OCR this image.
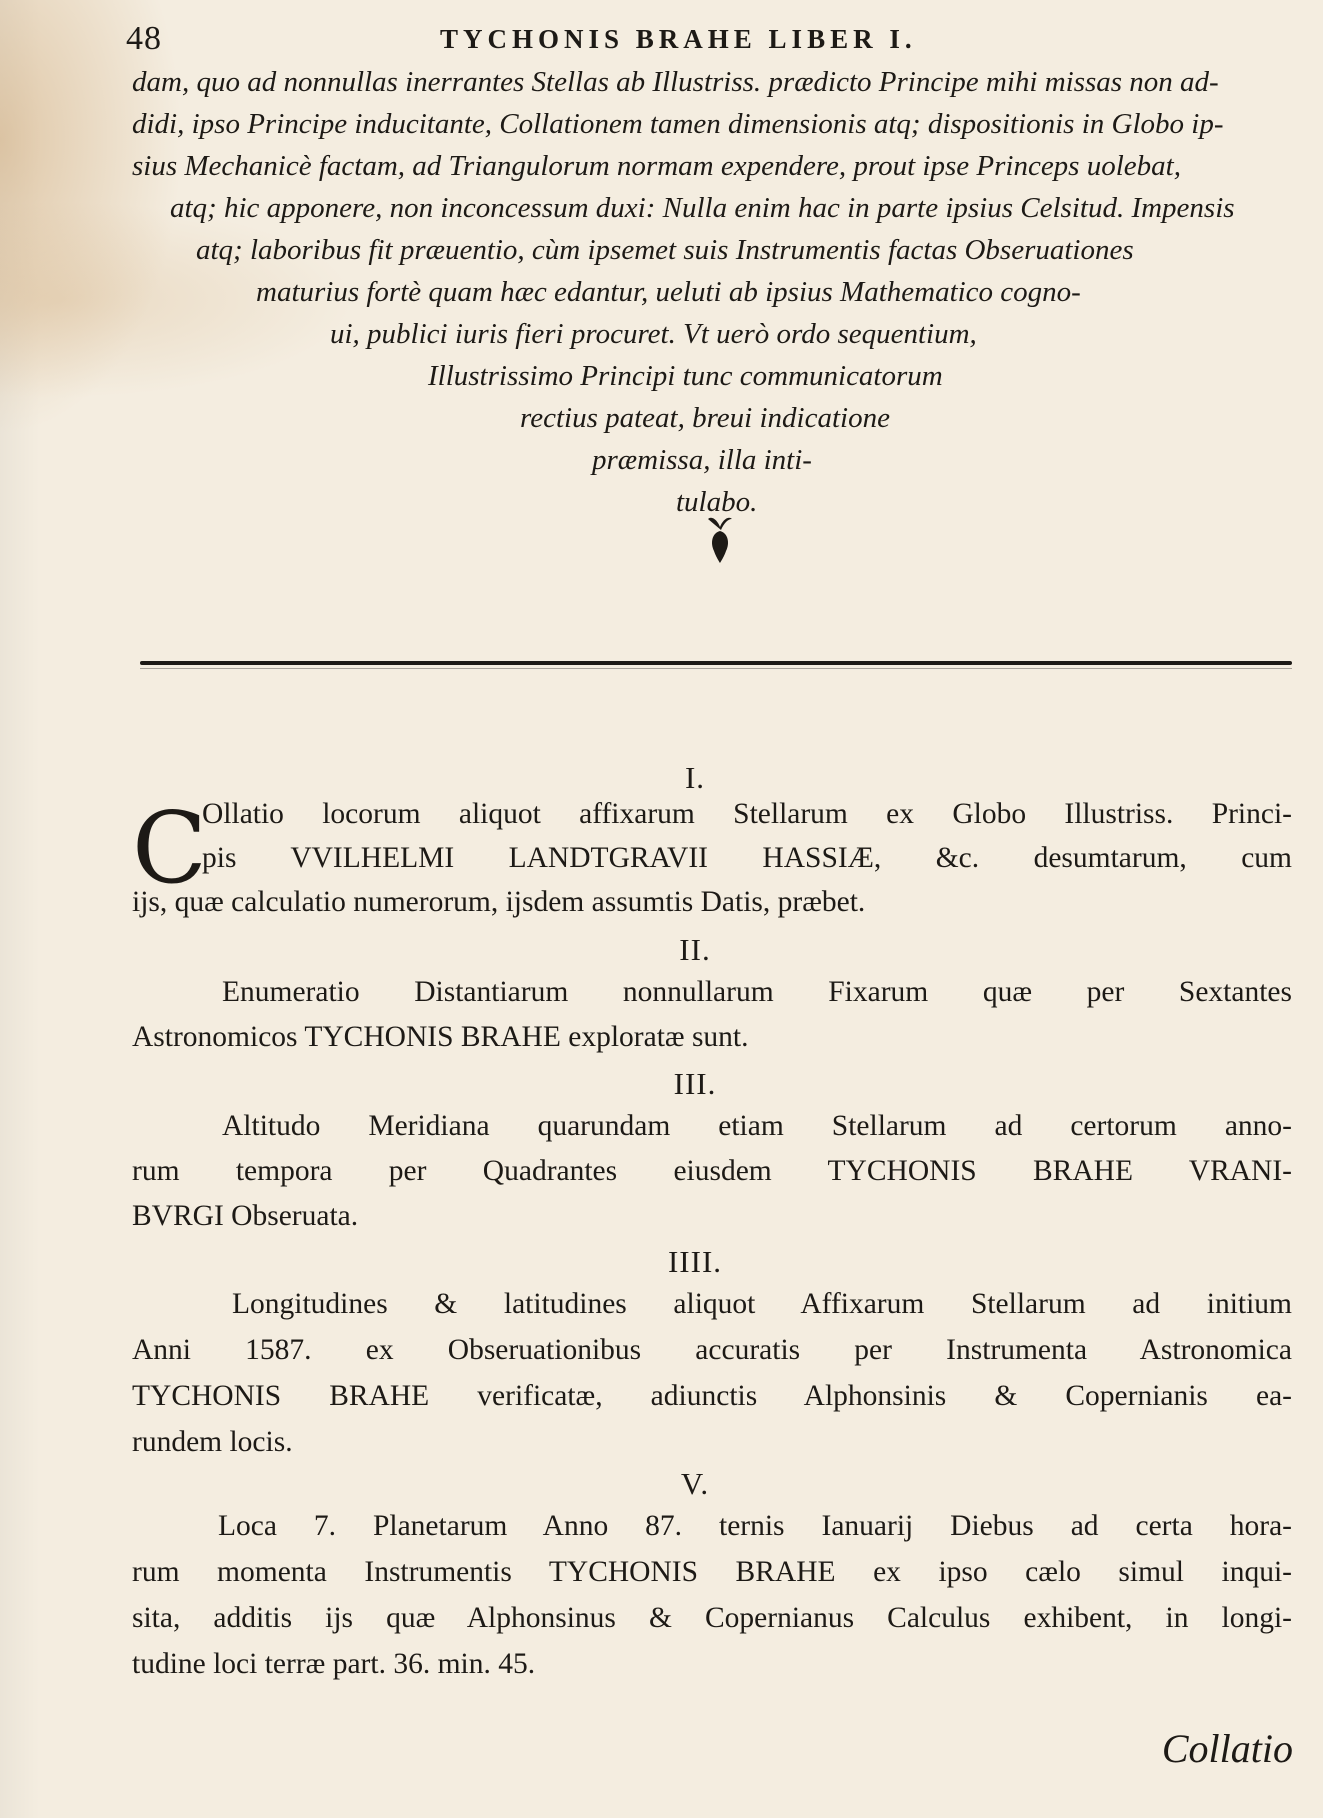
48	TYCHONIS BRAHE LIBER I.
dam, quo ad nonnullas inerrantes Stellas ab Illustriss. prædicto Principe mihi missas non ad-
didi, ipso Principe inducitante, Collationem tamen dimensionis atq; dispositionis in Globo ip-
sius Mechanicè factam, ad Triangulorum normam expendere, prout ipse Princeps uolebat,
atq; hic apponere, non inconcessum duxi: Nulla enim hac in parte ipsius Celsitud. Impensis
atq; laboribus fit præuentio, cùm ipsemet suis Instrumentis factas Obseruationes
maturius fortè quam hæc edantur, ueluti ab ipsius Mathematico cogno-
ui, publici iuris fieri procuret. Vt uerò ordo sequentium,
Illustrissimo Principi tunc communicatorum
rectius pateat, breui indicatione
præmissa, illa inti-
tulabo.
I.
C
Ollatio locorum aliquot affixarum Stellarum ex Globo Illustriss. Princi-
pis VVILHELMI LANDTGRAVII HASSIÆ, &c. desumtarum, cum
ijs, quæ calculatio numerorum, ijsdem assumtis Datis, præbet.
II.
Enumeratio Distantiarum nonnullarum Fixarum quæ per Sextantes
Astronomicos TYCHONIS BRAHE exploratæ sunt.
III.
Altitudo Meridiana quarundam etiam Stellarum ad certorum anno-
rum tempora per Quadrantes eiusdem TYCHONIS BRAHE VRANI-
BVRGI Obseruata.
IIII.
Longitudines & latitudines aliquot Affixarum Stellarum ad initium
Anni 1587. ex Obseruationibus accuratis per Instrumenta Astronomica
TYCHONIS BRAHE verificatæ, adiunctis Alphonsinis & Copernianis ea-
rundem locis.
V.
Loca 7. Planetarum Anno 87. ternis Ianuarij Diebus ad certa hora-
rum momenta Instrumentis TYCHONIS BRAHE ex ipso cælo simul inqui-
sita, additis ijs quæ Alphonsinus & Copernianus Calculus exhibent, in longi-
tudine loci terræ part. 36. min. 45.
Collatio
